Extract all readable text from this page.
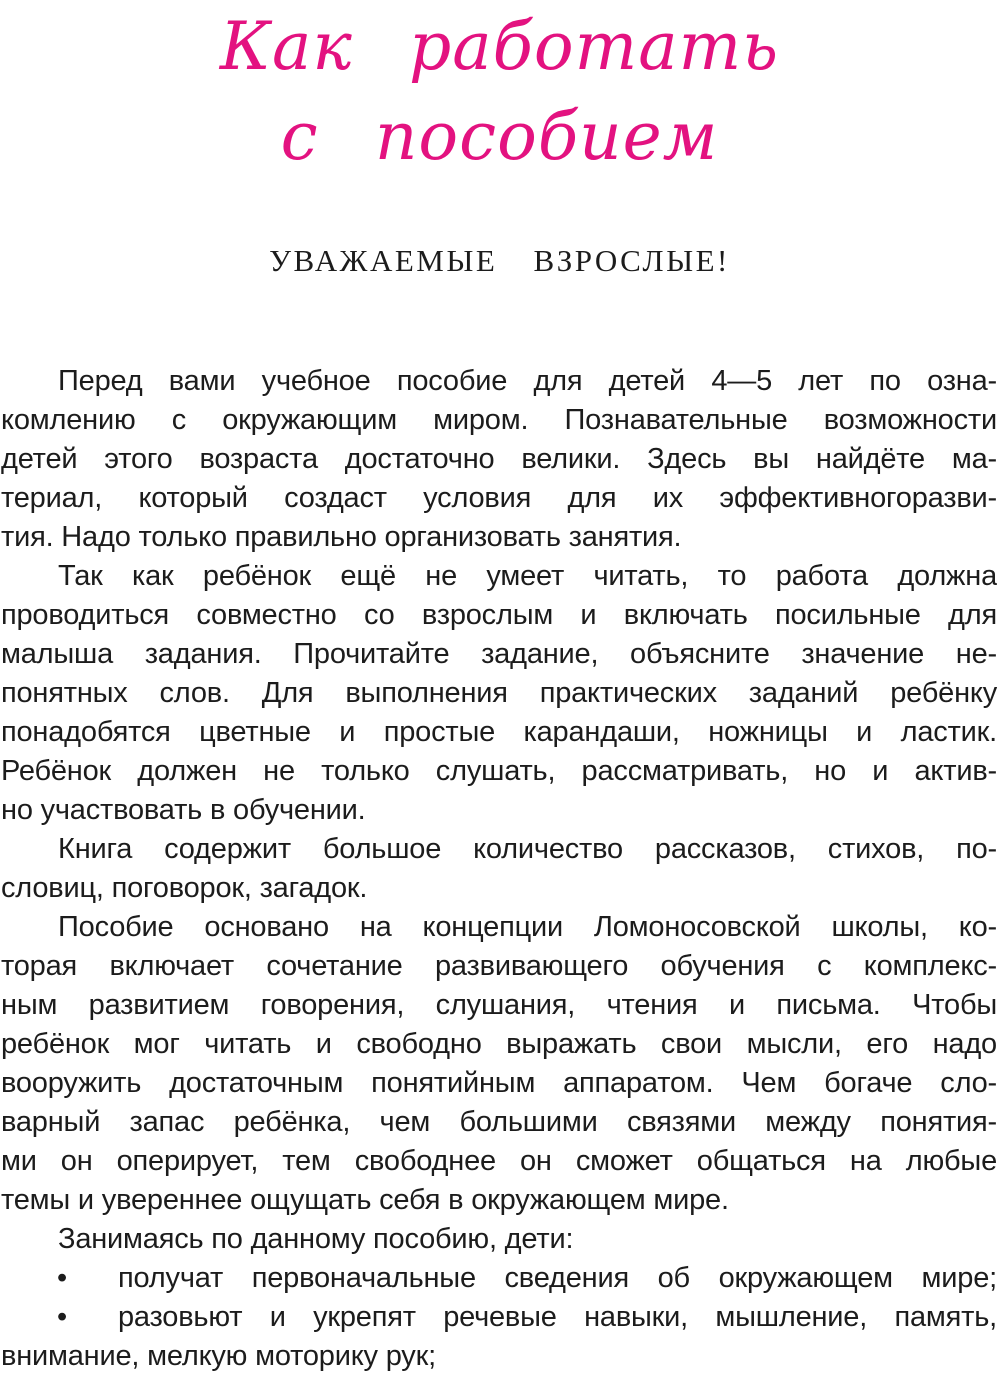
Как работать
с пособием
УВАЖАЕМЫЕ ВЗРОСЛЫЕ!
Перед вами учебное пособие для детей 4—5 лет по озна-
комлению с окружающим миром. Познавательные возможности
детей этого возраста достаточно велики. Здесь вы найдёте ма-
териал, который создаст условия для их эффективногоразви-
тия. Надо только правильно организовать занятия.
Так как ребёнок ещё не умеет читать, то работа должна
проводиться совместно со взрослым и включать посильные для
малыша задания. Прочитайте задание, объясните значение не-
понятных слов. Для выполнения практических заданий ребёнку
понадобятся цветные и простые карандаши, ножницы и ластик.
Ребёнок должен не только слушать, рассматривать, но и актив-
но участвовать в обучении.
Книга содержит большое количество рассказов, стихов, по-
словиц, поговорок, загадок.
Пособие основано на концепции Ломоносовской школы, ко-
торая включает сочетание развивающего обучения с комплекс-
ным развитием говорения, слушания, чтения и письма. Чтобы
ребёнок мог читать и свободно выражать свои мысли, его надо
вооружить достаточным понятийным аппаратом. Чем богаче сло-
варный запас ребёнка, чем большими связями между понятия-
ми он оперирует, тем свободнее он сможет общаться на любые
темы и увереннее ощущать себя в окружающем мире.
Занимаясь по данному пособию, дети:
• получат первоначальные сведения об окружающем мире;
• разовьют и укрепят речевые навыки, мышление, память,
внимание, мелкую моторику рук;
